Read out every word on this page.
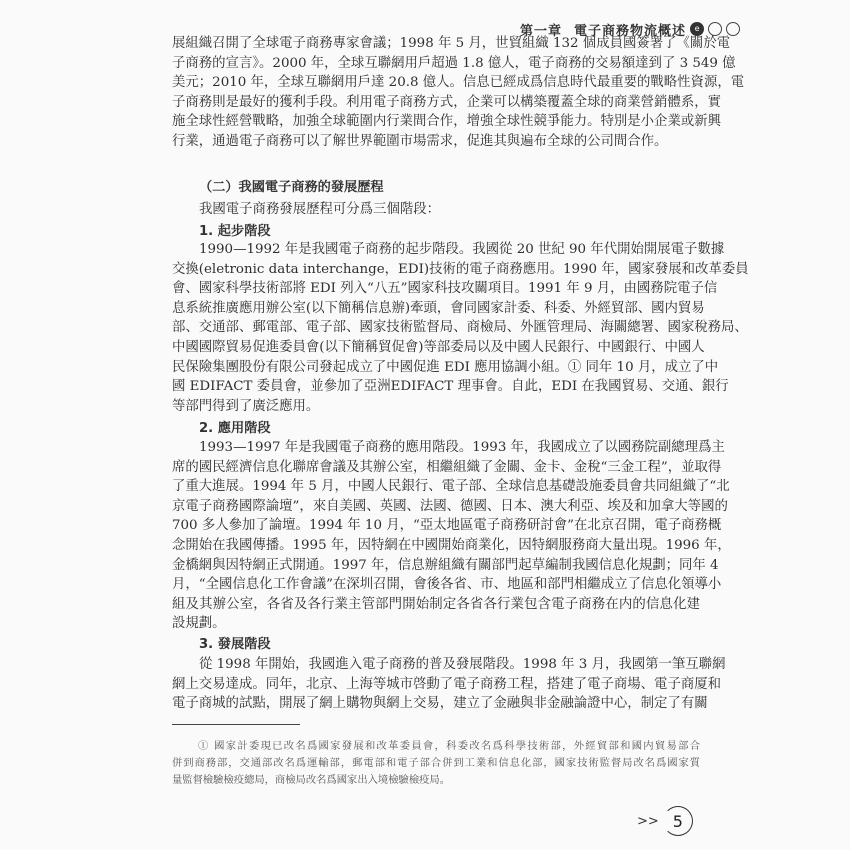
第一章 電子商務物流概述	e
展組織召開了全球電子商務專家會議；1998 年 5 月，世貿組織 132 個成員國簽署了《關於電
子商務的宣言》。2000 年，全球互聯網用戶超過 1.8 億人，電子商務的交易額達到了 3 549 億
美元；2010 年，全球互聯網用戶達 20.8 億人。信息已經成爲信息時代最重要的戰略性資源，電
子商務則是最好的獲利手段。利用電子商務方式，企業可以構築覆蓋全球的商業營銷體系，實
施全球性經營戰略，加強全球範圍内行業間合作，增強全球性競爭能力。特別是小企業或新興
行業，通過電子商務可以了解世界範圍市場需求，促進其與遍布全球的公司間合作。
（二）我國電子商務的發展歷程
我國電子商務發展歷程可分爲三個階段：
1. 起步階段
1990—1992 年是我國電子商務的起步階段。我國從 20 世紀 90 年代開始開展電子數據
交換(eletronic data interchange，EDI)技術的電子商務應用。1990 年，國家發展和改革委員
會、國家科學技術部將 EDI 列入“八五”國家科技攻關項目。1991 年 9 月，由國務院電子信
息系統推廣應用辦公室(以下簡稱信息辦)牽頭，會同國家計委、科委、外經貿部、國内貿易
部、交通部、郵電部、電子部、國家技術監督局、商檢局、外匯管理局、海關總署、國家稅務局、
中國國際貿易促進委員會(以下簡稱貿促會)等部委局以及中國人民銀行、中國銀行、中國人
民保險集團股份有限公司發起成立了中國促進 EDI 應用協調小組。① 同年 10 月，成立了中
國 EDIFACT 委員會，並參加了亞洲EDIFACT 理事會。自此，EDI 在我國貿易、交通、銀行
等部門得到了廣泛應用。
2. 應用階段
1993—1997 年是我國電子商務的應用階段。1993 年，我國成立了以國務院副總理爲主
席的國民經濟信息化聯席會議及其辦公室，相繼組織了金關、金卡、金稅“三金工程”，並取得
了重大進展。1994 年 5 月，中國人民銀行、電子部、全球信息基礎設施委員會共同組織了“北
京電子商務國際論壇”，來自美國、英國、法國、德國、日本、澳大利亞、埃及和加拿大等國的
700 多人參加了論壇。1994 年 10 月，“亞太地區電子商務研討會”在北京召開，電子商務概
念開始在我國傳播。1995 年，因特網在中國開始商業化，因特網服務商大量出現。1996 年，
金橋網與因特網正式開通。1997 年，信息辦組織有關部門起草編制我國信息化規劃；同年 4
月，“全國信息化工作會議”在深圳召開，會後各省、市、地區和部門相繼成立了信息化領導小
組及其辦公室，各省及各行業主管部門開始制定各省各行業包含電子商務在内的信息化建
設規劃。
3. 發展階段
從 1998 年開始，我國進入電子商務的普及發展階段。1998 年 3 月，我國第一筆互聯網
網上交易達成。同年，北京、上海等城市啓動了電子商務工程，搭建了電子商場、電子商厦和
電子商城的試點，開展了網上購物與網上交易，建立了金融與非金融論證中心，制定了有關
① 國家計委現已改名爲國家發展和改革委員會，科委改名爲科學技術部，外經貿部和國内貿易部合
併到商務部，交通部改名爲運輸部，郵電部和電子部合併到工業和信息化部，國家技術監督局改名爲國家質
量監督檢驗檢疫總局，商檢局改名爲國家出入境檢驗檢疫局。
>> 5
